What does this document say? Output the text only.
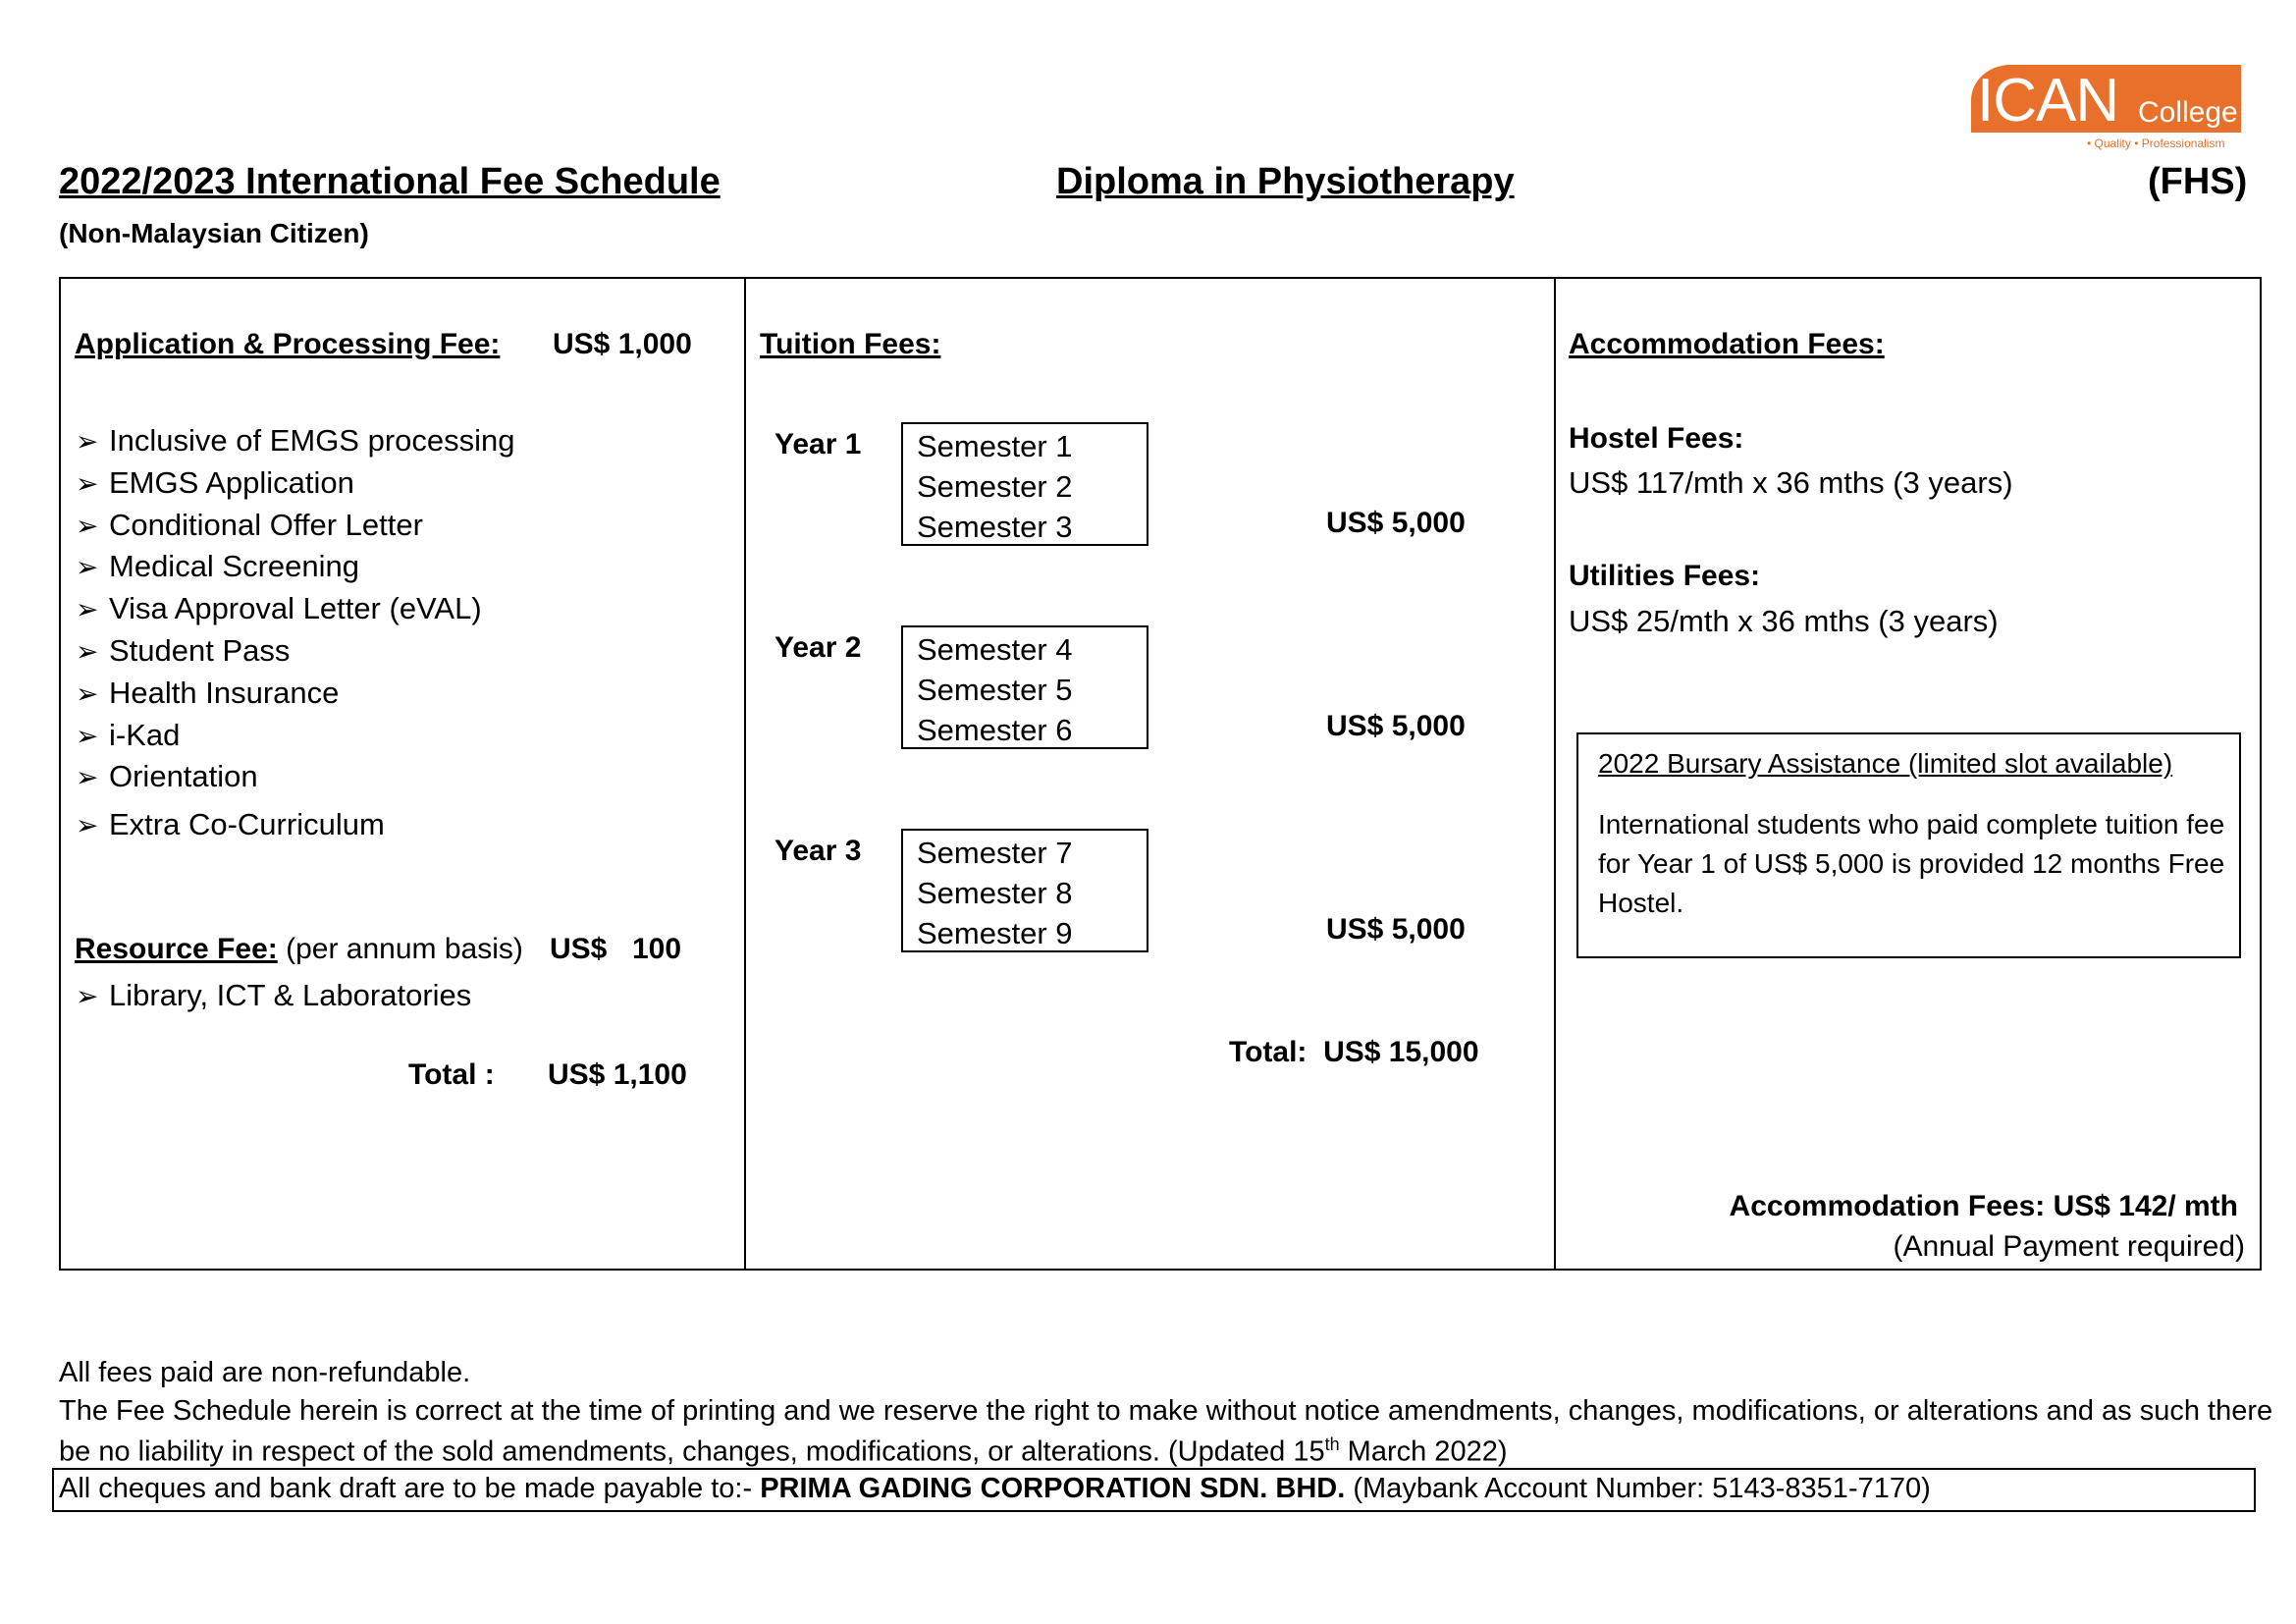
ICAN College
• Quality • Professionalism
2022/2023 International Fee Schedule	Diploma in Physiotherapy	(FHS)
(Non-Malaysian Citizen)
Application & Processing Fee: US$ 1,000
➢ Inclusive of EMGS processing
➢ EMGS Application
➢ Conditional Offer Letter
➢ Medical Screening
➢ Visa Approval Letter (eVAL)
➢ Student Pass
➢ Health Insurance
➢ i-Kad
➢ Orientation
➢ Extra Co-Curriculum
Resource Fee: (per annum basis) US$ 100
➢ Library, ICT & Laboratories
Total : US$ 1,100
Tuition Fees:
Year 1 Semester 1
Semester 2
Semester 3	US$ 5,000
Year 2 Semester 4
Semester 5
Semester 6	US$ 5,000
Year 3 Semester 7
Semester 8
Semester 9	US$ 5,000
Total:  US$ 15,000
Accommodation Fees:
Hostel Fees:
US$ 117/mth x 36 mths (3 years)
Utilities Fees:
US$ 25/mth x 36 mths (3 years)
2022 Bursary Assistance (limited slot available)
International students who paid complete tuition fee for Year 1 of US$ 5,000 is provided 12 months Free Hostel.
Accommodation Fees: US$ 142/ mth
(Annual Payment required)
All fees paid are non-refundable.
The Fee Schedule herein is correct at the time of printing and we reserve the right to make without notice amendments, changes, modifications, or alterations and as such there
be no liability in respect of the sold amendments, changes, modifications, or alterations. (Updated 15th March 2022)
All cheques and bank draft are to be made payable to:- PRIMA GADING CORPORATION SDN. BHD. (Maybank Account Number: 5143-8351-7170)
